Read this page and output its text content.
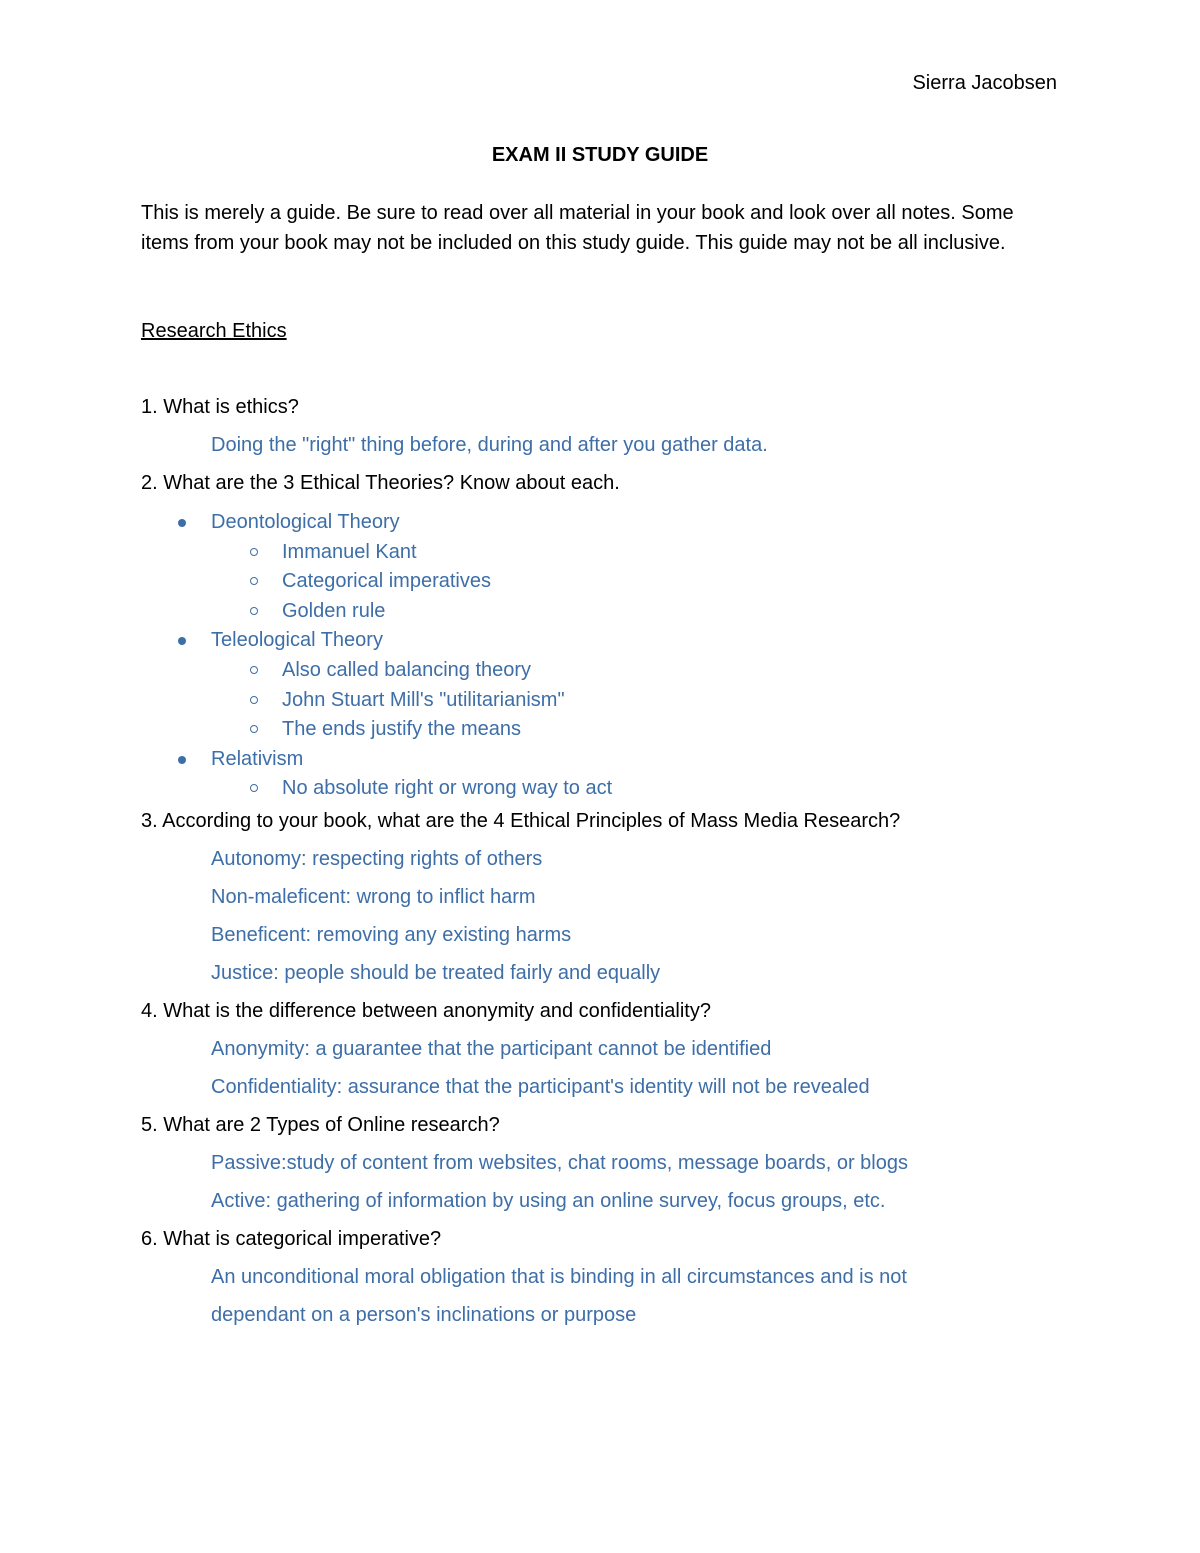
Sierra Jacobsen
EXAM II STUDY GUIDE
This is merely a guide. Be sure to read over all material in your book and look over all notes. Some items from your book may not be included on this study guide. This guide may not be all inclusive.
Research Ethics
1. What is ethics?
Doing the "right" thing before, during and after you gather data.
2. What are the 3 Ethical Theories? Know about each.
Deontological Theory
Immanuel Kant
Categorical imperatives
Golden rule
Teleological Theory
Also called balancing theory
John Stuart Mill's "utilitarianism"
The ends justify the means
Relativism
No absolute right or wrong way to act
3. According to your book, what are the 4 Ethical Principles of Mass Media Research?
Autonomy: respecting rights of others
Non-maleficent: wrong to inflict harm
Beneficent: removing any existing harms
Justice: people should be treated fairly and equally
4. What is the difference between anonymity and confidentiality?
Anonymity: a guarantee that the participant cannot be identified
Confidentiality: assurance that the participant's identity will not be revealed
5. What are 2 Types of Online research?
Passive:study of content from websites, chat rooms, message boards, or blogs
Active: gathering of information by using an online survey, focus groups, etc.
6. What is categorical imperative?
An unconditional moral obligation that is binding in all circumstances and is not
dependant on a person's inclinations or purpose
